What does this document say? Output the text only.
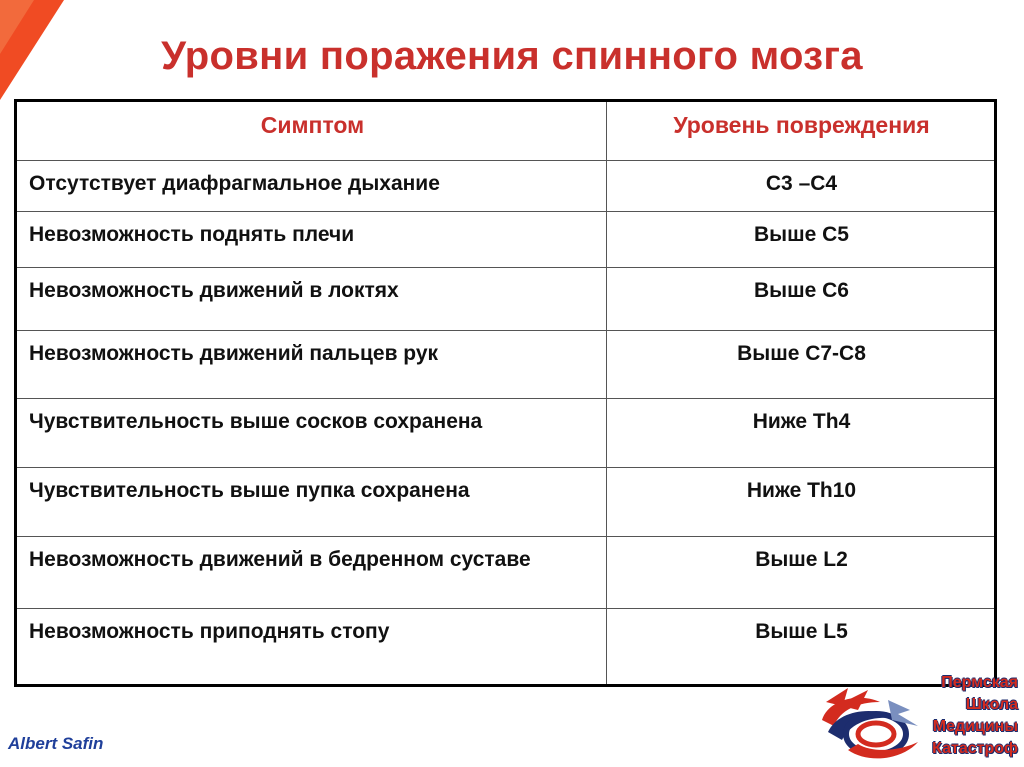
Уровни поражения спинного мозга
Симптом	Уровень повреждения
Отсутствует диафрагмальное дыхание	С3 –С4
Невозможность поднять плечи	Выше С5
Невозможность движений в локтях	Выше С6
Невозможность движений пальцев рук	Выше С7-С8
Чувствительность выше сосков сохранена	Ниже Th4
Чувствительность выше пупка сохранена	Ниже Th10
Невозможность движений в бедренном суставе	Выше L2
Невозможность приподнять стопу	Выше L5
Albert Safin
Пермская
Школа
Медицины
Катастроф
